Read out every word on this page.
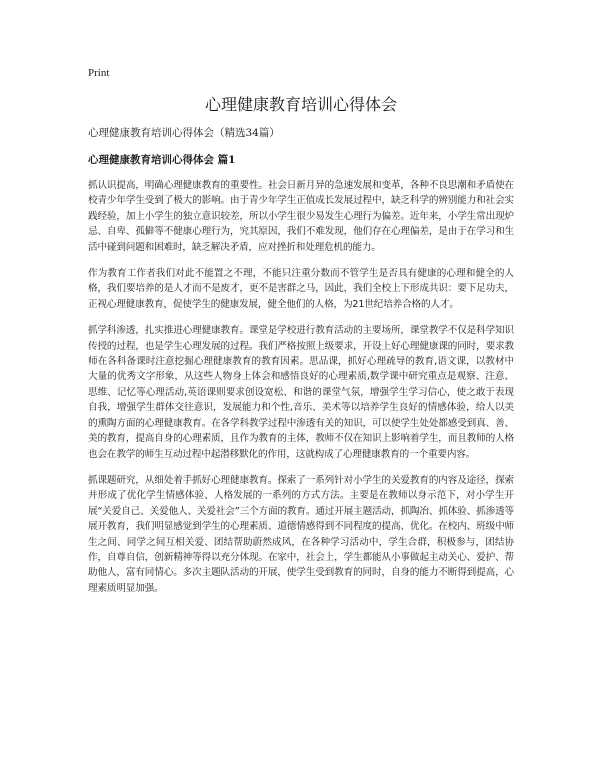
Print
心理健康教育培训心得体会
心理健康教育培训心得体会（精选34篇）
心理健康教育培训心得体会 篇1

抓认识提高，明确心理健康教育的重要性。社会日新月异的急速发展和变革，各种不良思潮和矛盾使在校青少年学生受到了极大的影响。由于青少年学生正值成长发展过程中，缺乏科学的辨别能力和社会实践经验，加上小学生的独立意识较差，所以小学生很少易发生心理行为偏差。近年来，小学生常出现炉忌、自卑、孤僻等不健康心理行为，究其原因，我们不难发现，他们存在心理偏差，是由于在学习和生活中碰到问题和困难时，缺乏解决矛盾，应对挫折和处理危机的能力。

作为教育工作者我们对此不能置之不理，不能只注重分数而不管学生是否具有健康的心理和健全的人格，我们要培养的是人才而不是废才，更不是害群之马，因此，我们全校上下形成共识：要下足功夫，正视心理健康教育，促使学生的健康发展，健全他们的人格，为21世纪培养合格的人才。

抓学科渗透，扎实推进心理健康教育。课堂是学校进行教育活动的主要场所，课堂教学不仅是科学知识传授的过程，也是学生心理发展的过程。我们严格按照上级要求，开设上好心理健康课的同时，要求教师在各科备课时注意挖掘心理健康教育的教育因素。思品课，抓好心理疏导的教育,语文课，以教材中大量的优秀文字形象，从这些人物身上体会和感悟良好的心理素质,数学课中研究重点是观察、注意、思维、记忆等心理活动,英语课则要求创设宽松、和谐的课堂气氛，增强学生学习信心，使之敢于表现自我，增强学生群体交往意识，发展能力和个性,音乐、美术等以培养学生良好的情感体验，给人以美的熏陶方面的心理健康教育。在各学科教学过程中渗透有关的知识，可以使学生处处都感受到真、善、美的教育，提高自身的心理素质，且作为教育的主体，教师不仅在知识上影响着学生，而且教师的人格也会在教学的师生互动过程中起潜移默化的作用，这就构成了心理健康教育的一个重要内容。

抓课题研究，从细处着手抓好心理健康教育。探索了一系列针对小学生的关爱教育的内容及途径，探索并形成了优化学生情感体验、人格发展的一系列的方式方法。主要是在教师以身示范下，对小学生开展“关爱自己、关爱他人、关爱社会”三个方面的教育。通过开展主题活动，抓陶冶、抓体验、抓渗透等展开教育，我们明显感觉到学生的心理素质、道德情感得到不同程度的提高、优化。在校内、班级中师生之间、同学之间互相关爱、团结帮助蔚然成风，在各种学习活动中，学生合群，积极参与，团结协作，自尊自信，创新精神等得以充分体现。在家中，社会上，学生都能从小事做起主动关心、爱护、帮助他人，富有同情心。多次主题队活动的开展，使学生受到教育的同时，自身的能力不断得到提高，心理素质明显加强。
